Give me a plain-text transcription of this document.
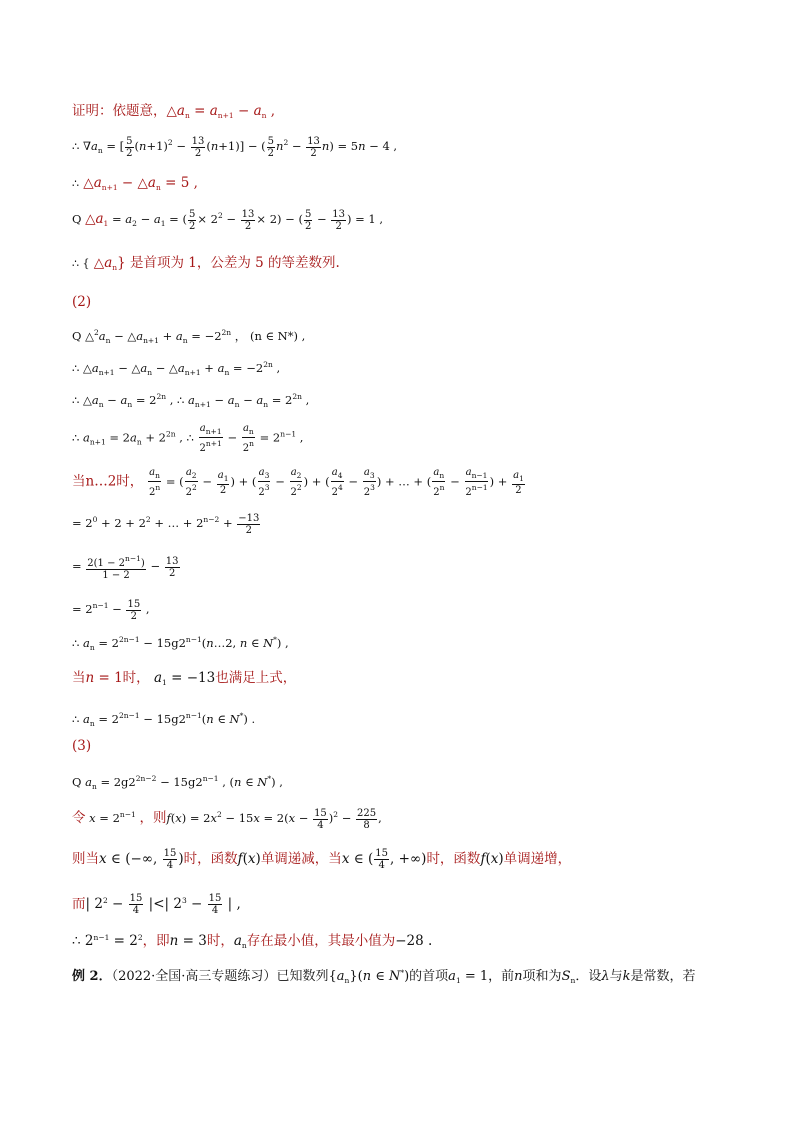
证明：依题意，$\triangle a_n = a_{n+1} - a_n$ ,
∴ $\nabla a_n$ = [ $\frac{5}{2} (n+1)^2 - \frac{13}{2} (n+1)$] − ( $\frac{5}{2} n^2 - \frac{13}{2} n) = 5n - 4$ ,
∴ $\triangle a_{n+1}$ − $\triangle a_n = 5$ ,
Q $\triangle a_1 = a_2 - a_1$ = ( $\frac{5}{2} \times 2^2 - \frac{13}{2} \times 2$) − ( $\frac{5}{2} - \frac{13}{2}$ ) = 1 ,
∴ { $\triangle a_n$} 是首项为 1，公差为 5 的等差数列.
(2)
Q $\triangle^2a_n$ − $\triangle a_{n+1} + a_n = -2^{2n}$ ， (n ∈ N*) ,
∴ $\triangle a_{n+1}$ − $\triangle a_n$ − $\triangle a_{n+1} + a_n = -2^{2n}$ ,
∴ $\triangle a_n - a_n = 2^{2n}$ , ∴ $a_{n+1} - a_n - a_n = 2^{2n}$ ,
∴ $a_{n+1} = 2a_n + 2^{2n}$ , ∴ $\frac{a_{n+1}}{2^{n+1}} - \frac{a_n}{2^n} = 2^{n-1}$ ,
当n…2时， $\frac{a_n}{2^n}$ = ( $\frac{a_2}{2^2} - \frac{a_1}{2}$ ) + ( $\frac{a_3}{2^3} - \frac{a_2}{2^2}$ ) + ( $\frac{a_4}{2^4} - \frac{a_3}{2^3}$ ) + … + ( $\frac{a_n}{2^n} - \frac{a_{n-1}}{2^{n-1}}$ ) + $\frac{a_1}{2}$
= $2^0 + 2 + 2^2$ + … + $2^{n-2} + \frac{-13}{2}$
= $\frac{2(1 - 2^{n-1})}{1 - 2} - \frac{13}{2}$
= $2^{n-1} - \frac{15}{2}$ ,
∴ $a_n = 2^{2n-1}$ − $15g2^{n-1}(n\dots 2$, n ∈ N*) ,
当n = 1时， $a_1 = -13$也满足上式，
∴ $a_n = 2^{2n-1} - 15g2^{n-1}(n$ ∈ N*) .
(3)
Q $a_n = 2g2^{2n-2} - 15g2^{n-1}$ , (n ∈ N*) ,
令 $x = 2^{n-1}$ ，则$f(x) = 2x^2 - 15x = 2(x - \frac{15}{4} )^2 - \frac{225}{8}$ ,
则当x ∈ (−∞, $\frac{15}{4}$ )时，函数f(x)单调递减，当x ∈ ( $\frac{15}{4}$ , +∞)时，函数f(x)单调递增，
而| $2^2 - \frac{15}{4}$ |<| $2^3 - \frac{15}{4}$ | ,
∴ $2^{n-1} = 2^2$，即n = 3时，$a_n$存在最小值，其最小值为−28 .
例 2．（2022·全国·高三专题练习）已知数列$\{a_n\}(n$ ∈ N*)的首项$a_1 = 1$，前n项和为$S_n$．设λ与k是常数，若
